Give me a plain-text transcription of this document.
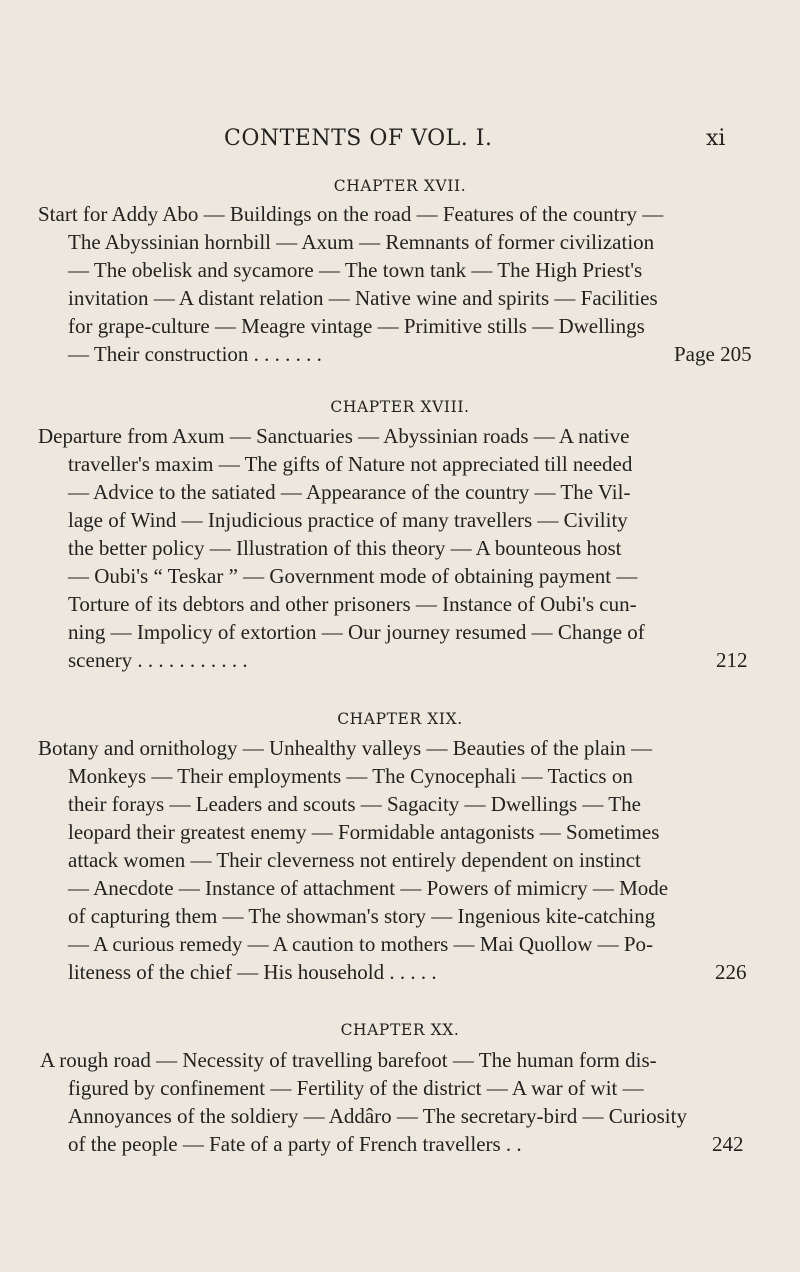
CONTENTS OF VOL. I.	xi
CHAPTER XVII.
Start for Addy Abo — Buildings on the road — Features of the country —
The Abyssinian hornbill — Axum — Remnants of former civilization
— The obelisk and sycamore — The town tank — The High Priest's
invitation — A distant relation — Native wine and spirits — Facilities
for grape-culture — Meagre vintage — Primitive stills — Dwellings
— Their construction . . . . . . .	Page 205
CHAPTER XVIII.
Departure from Axum — Sanctuaries — Abyssinian roads — A native
traveller's maxim — The gifts of Nature not appreciated till needed
— Advice to the satiated — Appearance of the country — The Vil-
lage of Wind — Injudicious practice of many travellers — Civility
the better policy — Illustration of this theory — A bounteous host
— Oubi's “ Teskar ” — Government mode of obtaining payment —
Torture of its debtors and other prisoners — Instance of Oubi's cun-
ning — Impolicy of extortion — Our journey resumed — Change of
scenery . . . . . . . . . . .	212
CHAPTER XIX.
Botany and ornithology — Unhealthy valleys — Beauties of the plain —
Monkeys — Their employments — The Cynocephali — Tactics on
their forays — Leaders and scouts — Sagacity — Dwellings — The
leopard their greatest enemy — Formidable antagonists — Sometimes
attack women — Their cleverness not entirely dependent on instinct
— Anecdote — Instance of attachment — Powers of mimicry — Mode
of capturing them — The showman's story — Ingenious kite-catching
— A curious remedy — A caution to mothers — Mai Quollow — Po-
liteness of the chief — His household . . . . .	226
CHAPTER XX.
A rough road — Necessity of travelling barefoot — The human form dis-
figured by confinement — Fertility of the district — A war of wit —
Annoyances of the soldiery — Addâro — The secretary-bird — Curiosity
of the people — Fate of a party of French travellers . .	242
